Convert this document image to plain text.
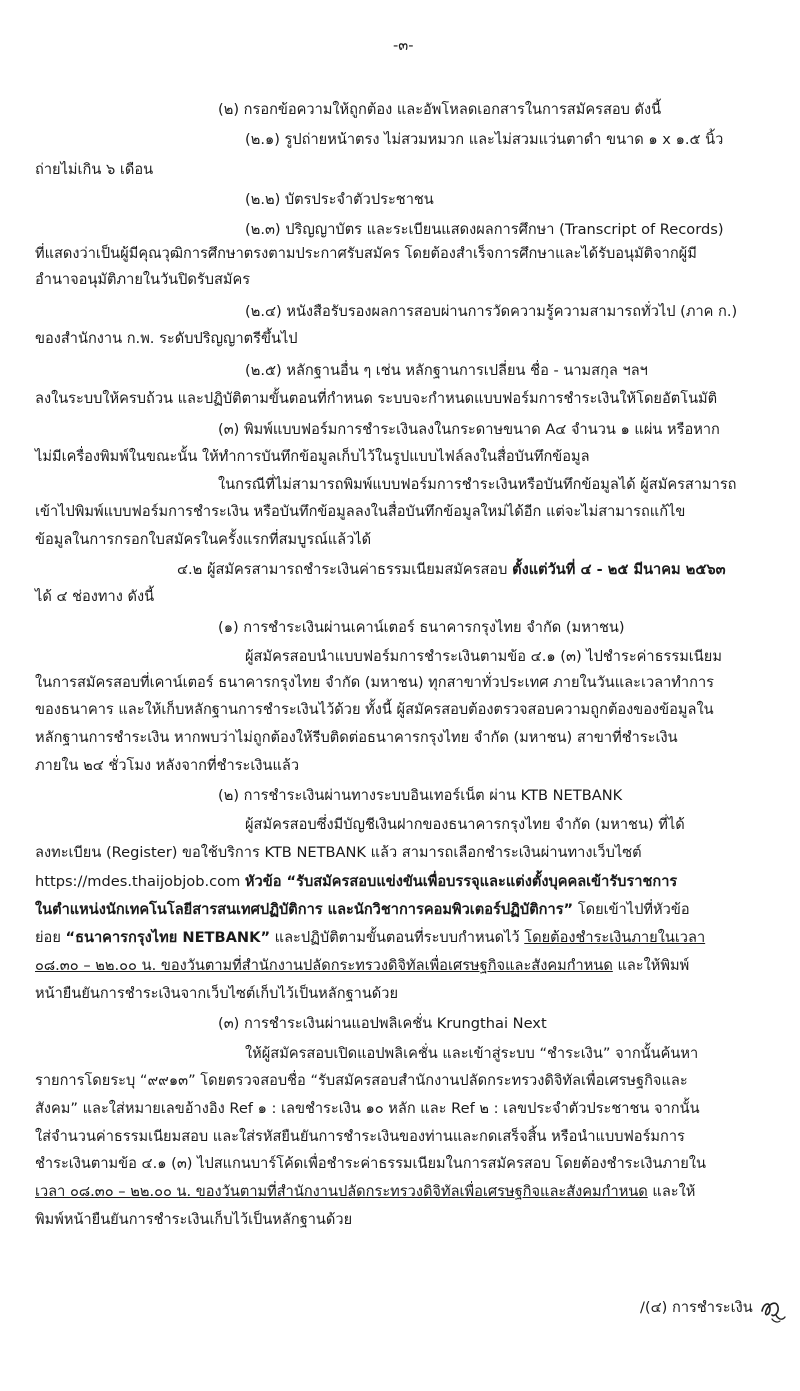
-๓-
(๒) กรอกข้อความให้ถูกต้อง และอัพโหลดเอกสารในการสมัครสอบ ดังนี้
(๒.๑) รูปถ่ายหน้าตรง ไม่สวมหมวก และไม่สวมแว่นตาดำ ขนาด ๑ x ๑.๕ นิ้ว
ถ่ายไม่เกิน ๖ เดือน
(๒.๒) บัตรประจำตัวประชาชน
(๒.๓) ปริญญาบัตร และระเบียนแสดงผลการศึกษา (Transcript of Records)
ที่แสดงว่าเป็นผู้มีคุณวุฒิการศึกษาตรงตามประกาศรับสมัคร โดยต้องสำเร็จการศึกษาและได้รับอนุมัติจากผู้มี
อำนาจอนุมัติภายในวันปิดรับสมัคร
(๒.๔) หนังสือรับรองผลการสอบผ่านการวัดความรู้ความสามารถทั่วไป (ภาค ก.)
ของสำนักงาน ก.พ. ระดับปริญญาตรีขึ้นไป
(๒.๕) หลักฐานอื่น ๆ เช่น หลักฐานการเปลี่ยน ชื่อ - นามสกุล ฯลฯ
ลงในระบบให้ครบถ้วน และปฏิบัติตามขั้นตอนที่กำหนด ระบบจะกำหนดแบบฟอร์มการชำระเงินให้โดยอัตโนมัติ
(๓) พิมพ์แบบฟอร์มการชำระเงินลงในกระดาษขนาด A๔ จำนวน ๑ แผ่น หรือหาก
ไม่มีเครื่องพิมพ์ในขณะนั้น ให้ทำการบันทึกข้อมูลเก็บไว้ในรูปแบบไฟล์ลงในสื่อบันทึกข้อมูล
ในกรณีที่ไม่สามารถพิมพ์แบบฟอร์มการชำระเงินหรือบันทึกข้อมูลได้ ผู้สมัครสามารถ
เข้าไปพิมพ์แบบฟอร์มการชำระเงิน หรือบันทึกข้อมูลลงในสื่อบันทึกข้อมูลใหม่ได้อีก แต่จะไม่สามารถแก้ไข
ข้อมูลในการกรอกใบสมัครในครั้งแรกที่สมบูรณ์แล้วได้
๔.๒ ผู้สมัครสามารถชำระเงินค่าธรรมเนียมสมัครสอบ ตั้งแต่วันที่ ๔ - ๒๕ มีนาคม ๒๕๖๓
ได้ ๔ ช่องทาง ดังนี้
(๑) การชำระเงินผ่านเคาน์เตอร์ ธนาคารกรุงไทย จำกัด (มหาชน)
ผู้สมัครสอบนำแบบฟอร์มการชำระเงินตามข้อ ๔.๑ (๓) ไปชำระค่าธรรมเนียม
ในการสมัครสอบที่เคาน์เตอร์ ธนาคารกรุงไทย จำกัด (มหาชน) ทุกสาขาทั่วประเทศ ภายในวันและเวลาทำการ
ของธนาคาร และให้เก็บหลักฐานการชำระเงินไว้ด้วย ทั้งนี้ ผู้สมัครสอบต้องตรวจสอบความถูกต้องของข้อมูลใน
หลักฐานการชำระเงิน หากพบว่าไม่ถูกต้องให้รีบติดต่อธนาคารกรุงไทย จำกัด (มหาชน) สาขาที่ชำระเงิน
ภายใน ๒๔ ชั่วโมง หลังจากที่ชำระเงินแล้ว
(๒) การชำระเงินผ่านทางระบบอินเทอร์เน็ต ผ่าน KTB NETBANK
ผู้สมัครสอบซึ่งมีบัญชีเงินฝากของธนาคารกรุงไทย จำกัด (มหาชน) ที่ได้
ลงทะเบียน (Register) ขอใช้บริการ KTB NETBANK แล้ว สามารถเลือกชำระเงินผ่านทางเว็บไซต์
https://mdes.thaijobjob.com หัวข้อ “รับสมัครสอบแข่งขันเพื่อบรรจุและแต่งตั้งบุคคลเข้ารับราชการ
ในตำแหน่งนักเทคโนโลยีสารสนเทศปฏิบัติการ และนักวิชาการคอมพิวเตอร์ปฏิบัติการ” โดยเข้าไปที่หัวข้อ
ย่อย “ธนาคารกรุงไทย NETBANK” และปฏิบัติตามขั้นตอนที่ระบบกำหนดไว้ โดยต้องชำระเงินภายในเวลา
๐๘.๓๐ – ๒๒.๐๐ น. ของวันตามที่สำนักงานปลัดกระทรวงดิจิทัลเพื่อเศรษฐกิจและสังคมกำหนด และให้พิมพ์
หน้ายืนยันการชำระเงินจากเว็บไซต์เก็บไว้เป็นหลักฐานด้วย
(๓) การชำระเงินผ่านแอปพลิเคชั่น Krungthai Next
ให้ผู้สมัครสอบเปิดแอปพลิเคชั่น และเข้าสู่ระบบ “ชำระเงิน” จากนั้นค้นหา
รายการโดยระบุ “๙๙๑๓” โดยตรวจสอบชื่อ “รับสมัครสอบสำนักงานปลัดกระทรวงดิจิทัลเพื่อเศรษฐกิจและ
สังคม” และใส่หมายเลขอ้างอิง Ref ๑ : เลขชำระเงิน ๑๐ หลัก และ Ref ๒ : เลขประจำตัวประชาชน จากนั้น
ใส่จำนวนค่าธรรมเนียมสอบ และใส่รหัสยืนยันการชำระเงินของท่านและกดเสร็จสิ้น หรือนำแบบฟอร์มการ
ชำระเงินตามข้อ ๔.๑ (๓) ไปสแกนบาร์โค้ดเพื่อชำระค่าธรรมเนียมในการสมัครสอบ โดยต้องชำระเงินภายใน
เวลา ๐๘.๓๐ – ๒๒.๐๐ น. ของวันตามที่สำนักงานปลัดกระทรวงดิจิทัลเพื่อเศรษฐกิจและสังคมกำหนด และให้
พิมพ์หน้ายืนยันการชำระเงินเก็บไว้เป็นหลักฐานด้วย
/(๔) การชำระเงิน
